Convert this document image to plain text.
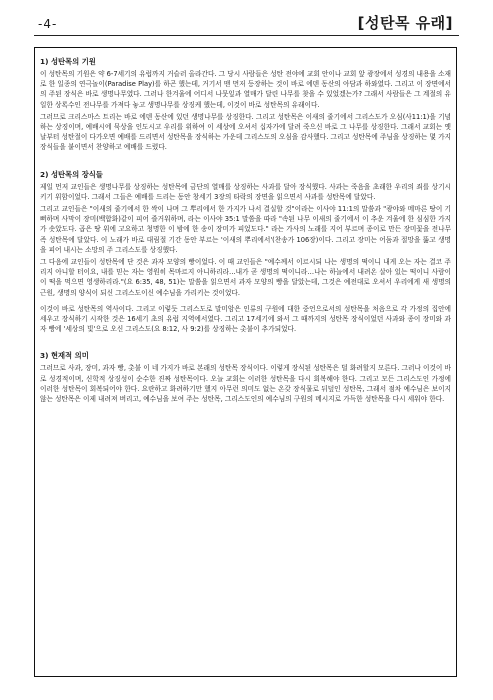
-4-	[성탄목 유래]
1) 성탄목의 기원

이 성탄목의 기원은 약 6-7세기의 유럽까지 거슬러 올라간다. 그 당시 사람들은 성탄 전야에 교회 안이나 교회 앞 광장에서 성경의 내용을 소재로 한 일종의 연극놀이(Paradise Play)를 하곤 했는데, 거기서 맨 먼저 등장하는 것이 바로 에덴 동산의 아담과 하와였다. 그리고 이 장면에서의 주된 장식은 바로 생명나무였다. 그러나 한겨울에 어디서 나뭇잎과 열매가 달린 나무를 찾을 수 있었겠는가? 그래서 사람들은 그 계절의 유일한 상록수인 전나무를 가져다 놓고 생명나무를 상징케 했는데, 이것이 바로 성탄목의 유래이다.

그러므로 크리스마스 트리는 바로 에덴 동산에 있던 생명나무를 상징한다. 그리고 성탄목은 이새의 줄기에서 그리스도가 오심(사11:1)을 기념하는 상징이며, 예배시에 묵상을 인도시고 우리를 위하여 이 세상에 오셔서 십자가에 달려 죽으신 바로 그 나무를 상징한다. 그래서 교회는 옛날부터 성탄절이 다가오면 예배를 드리면서 성탄목을 장식하는 가운데 그리스도의 오심을 감사했다. 그리고 성탄목에 주님을 상징하는 몇 가지 장식들을 붙이면서 찬양하고 예배를 드렸다.

2) 성탄목의 장식들

제일 먼저 교인들은 생명나무를 상징하는 성탄목에 금단의 열매를 상징하는 사과를 달아 장식했다. 사과는 죽음을 초래한 우리의 죄를 상기시키기 위함이었다. 그래서 그들은 예배를 드리는 동안 창세기 3장의 타락의 장면을 읽으면서 사과를 성탄목에 달았다.

그리고 교인들은 "이새의 줄기에서 한 싹이 나며 그 뿌리에서 한 가지가 나서 결실할 것"이라는 이사야 11:1의 말씀과 "광야와 메마른 땅이 기뻐하며 사막이 장미(백합화)같이 피어 즐거워하며, 라는 이사야 35:1 말씀을 따라 "속된 나무 이새의 줄기에서 이 추운 겨울에 한 심심한 가지가 솟았도다. 곱은 땅 위에 고요하고 청명한 이 밤에 한 송이 장미가 피었도다." 라는 가사의 노래를 지어 부르며 종이로 만든 장미꽃을 전나무 즉 성탄목에 달았다. 이 노래가 바로 대림절 기간 동안 부르는 '이새의 뿌리에서'(찬송가 106장)이다. 그리고 장미는 어둠과 절망을 뚫고 생명을 피어 내시는 소망의 주 그리스도를 상징했다.

그 다음에 교인들이 성탄목에 단 것은 과자 모양의 빵이었다. 이 때 교인들은 "예수께서 이르시되 나는 생명의 떡이니 내게 오는 자는 결코 주리지 아니할 터이요, 내를 믿는 자는 영원히 목마르지 아니하리라…내가 곧 생명의 떡이니라…나는 하늘에서 내려온 살아 있는 떡이니 사람이 이 떡을 먹으면 영생하리라."(요 6:35, 48, 51)는 말씀을 읽으면서 과자 모양의 빵을 달았는데, 그것은 예전대로 오셔서 우리에게 새 생명의 근원, 생명의 양식이 되신 그리스도이신 예수님을 가리키는 것이었다.

이것이 바로 성탄목의 역사이다. 그리고 이렇듯 그리스도로 말미암은 인류의 구원에 대한 중언으로서의 성탄목을 처음으로 각 가정의 집안에 세우고 장식하기 시작한 것은 16세기 초의 유럽 지역에서였다. 그리고 17세기에 와서 그 때까지의 성탄목 장식이었던 사과와 종이 장미와 과자 빵에 '세상의 빛'으로 오신 그리스도(요 8:12, 사 9:2)를 상징하는 촛불이 추가되었다.

3) 현재적 의미

그러므로 사과, 장미, 과자 빵, 촛불 이 네 가지가 바로 본래의 성탄목 장식이다. 이렇게 장식된 성탄목은 덜 화려할지 모른다. 그러나 이것이 바로 성경적이며, 신학적 상징성이 순수한 진짜 성탄목이다. 오늘 교회는 이러한 성탄목을 다시 회복해야 한다. 그리고 모든 그리스도인 가정에 이러한 성탄목이 회복되어야 한다. 요란하고 화려하기만 했지 아무런 의미도 없는 온갖 장식물로 뒤덮인 성탄목, 그래서 점차 예수님은 보이지 않는 성탄목은 이제 내려져 버리고, 예수님을 보여 주는 성탄목, 그리스도인의 예수님의 구원의 메시지로 가득한 성탄목을 다시 세워야 한다.
